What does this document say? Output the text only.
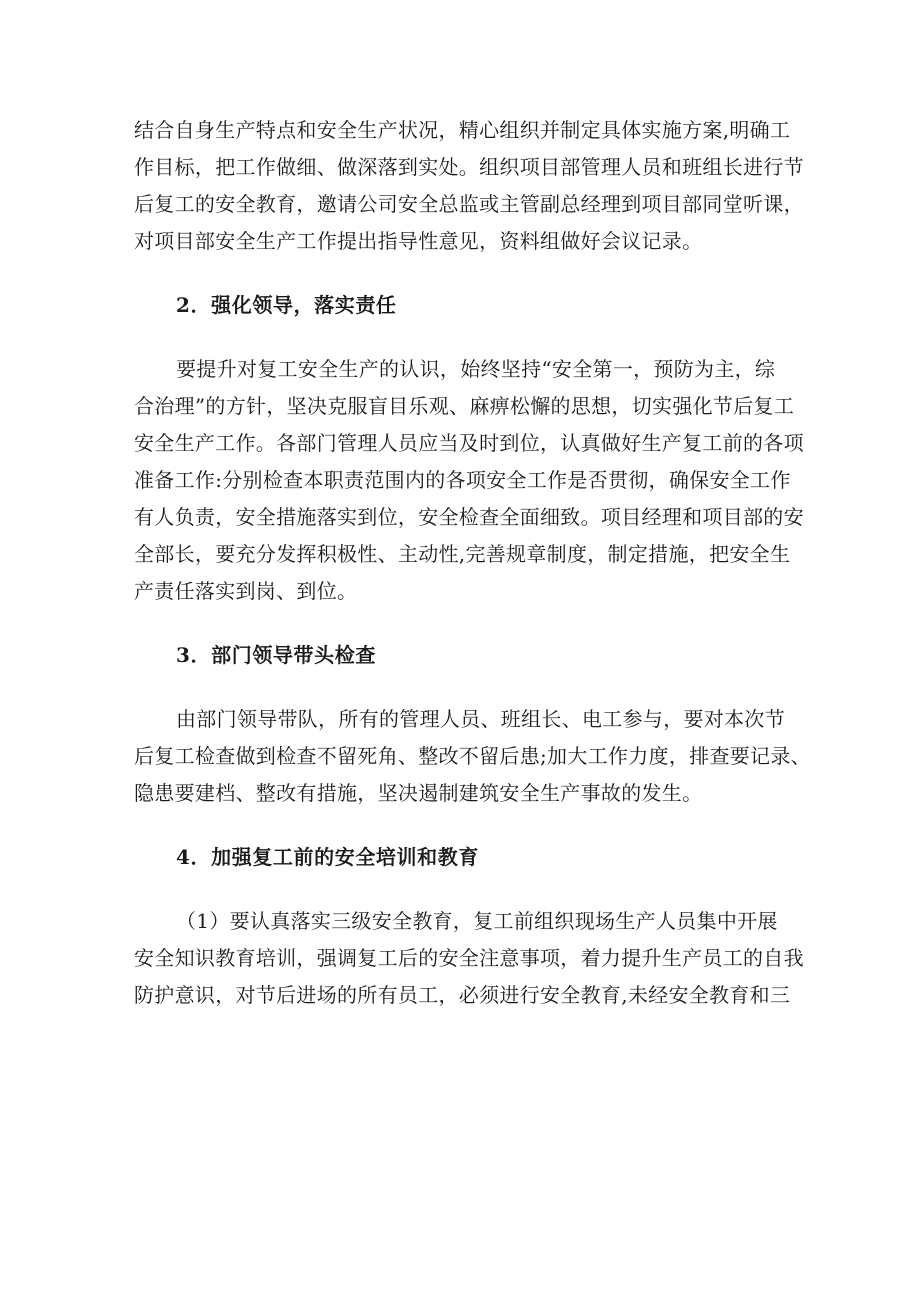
结合自身生产特点和安全生产状况，精心组织并制定具体实施方案,明确工
作目标，把工作做细、做深落到实处。组织项目部管理人员和班组长进行节
后复工的安全教育，邀请公司安全总监或主管副总经理到项目部同堂听课，
对项目部安全生产工作提出指导性意见，资料组做好会议记录。

2．强化领导，落实责任

要提升对复工安全生产的认识，始终坚持“安全第一，预防为主，综
合治理”的方针，坚决克服盲目乐观、麻痹松懈的思想，切实强化节后复工
安全生产工作。各部门管理人员应当及时到位，认真做好生产复工前的各项
准备工作:分别检查本职责范围内的各项安全工作是否贯彻，确保安全工作
有人负责，安全措施落实到位，安全检查全面细致。项目经理和项目部的安
全部长，要充分发挥积极性、主动性,完善规章制度，制定措施，把安全生
产责任落实到岗、到位。

3．部门领导带头检查

由部门领导带队，所有的管理人员、班组长、电工参与，要对本次节
后复工检查做到检查不留死角、整改不留后患;加大工作力度，排查要记录、
隐患要建档、整改有措施，坚决遏制建筑安全生产事故的发生。

4．加强复工前的安全培训和教育

（1）要认真落实三级安全教育，复工前组织现场生产人员集中开展
安全知识教育培训，强调复工后的安全注意事项，着力提升生产员工的自我
防护意识，对节后进场的所有员工，必须进行安全教育,未经安全教育和三
